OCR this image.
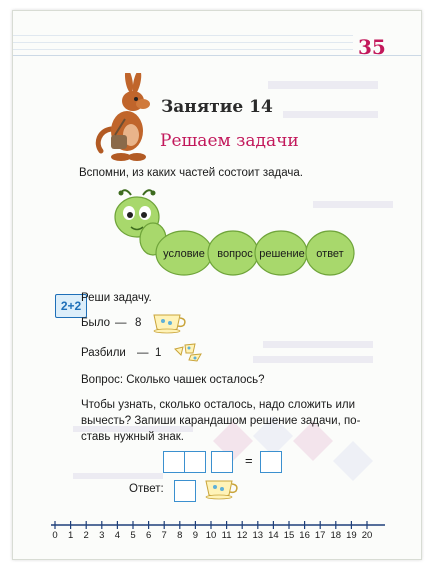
35
Занятие 14
Решаем задачи
Вспомни, из каких частей состоит задача.
условие	вопрос решение	ответ
2+2
Реши задачу.
Было — 8
Разбили — 1
Вопрос: Сколько чашек осталось?
Чтобы узнать, сколько осталось, надо сложить или
вычесть? Запиши карандашом решение задачи, по-
ставь нужный знак.
=
Ответ:
0	1	2	3	4	5	6	7	8	9 10 11 12 13 14 15 16 17 18 19 20
